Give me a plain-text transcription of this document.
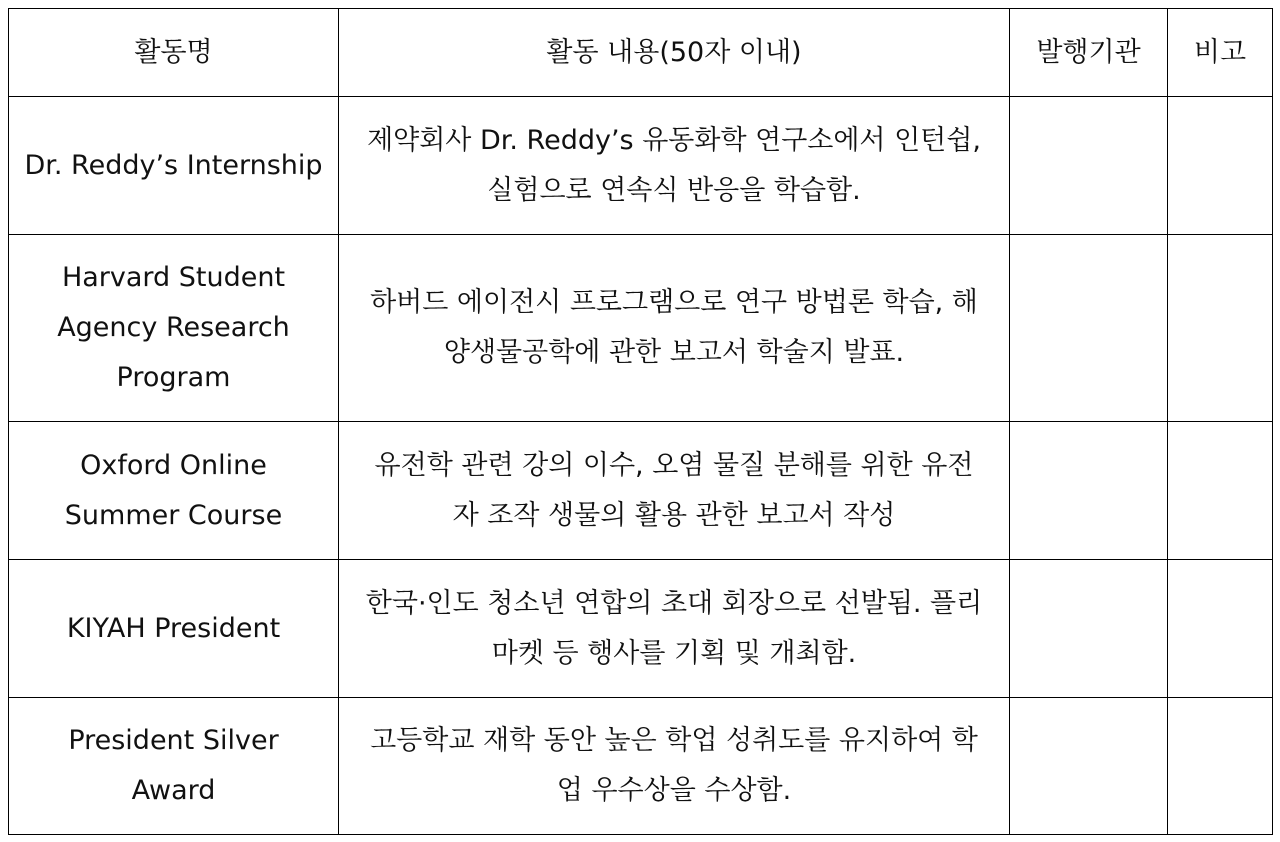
활동명	활동 내용(50자 이내)	발행기관	비고

Dr. Reddy’s Internship	제약회사 Dr. Reddy’s 유동화학 연구소에서 인턴쉽,
실험으로 연속식 반응을 학습함.		

Harvard Student
Agency Research
Program	하버드 에이전시 프로그램으로 연구 방법론 학습, 해
양생물공학에 관한 보고서 학술지 발표.		

Oxford Online
Summer Course	유전학 관련 강의 이수, 오염 물질 분해를 위한 유전
자 조작 생물의 활용 관한 보고서 작성		

KIYAH President	한국·인도 청소년 연합의 초대 회장으로 선발됨. 플리
마켓 등 행사를 기획 및 개최함.		

President Silver
Award	고등학교 재학 동안 높은 학업 성취도를 유지하여 학
업 우수상을 수상함.		
